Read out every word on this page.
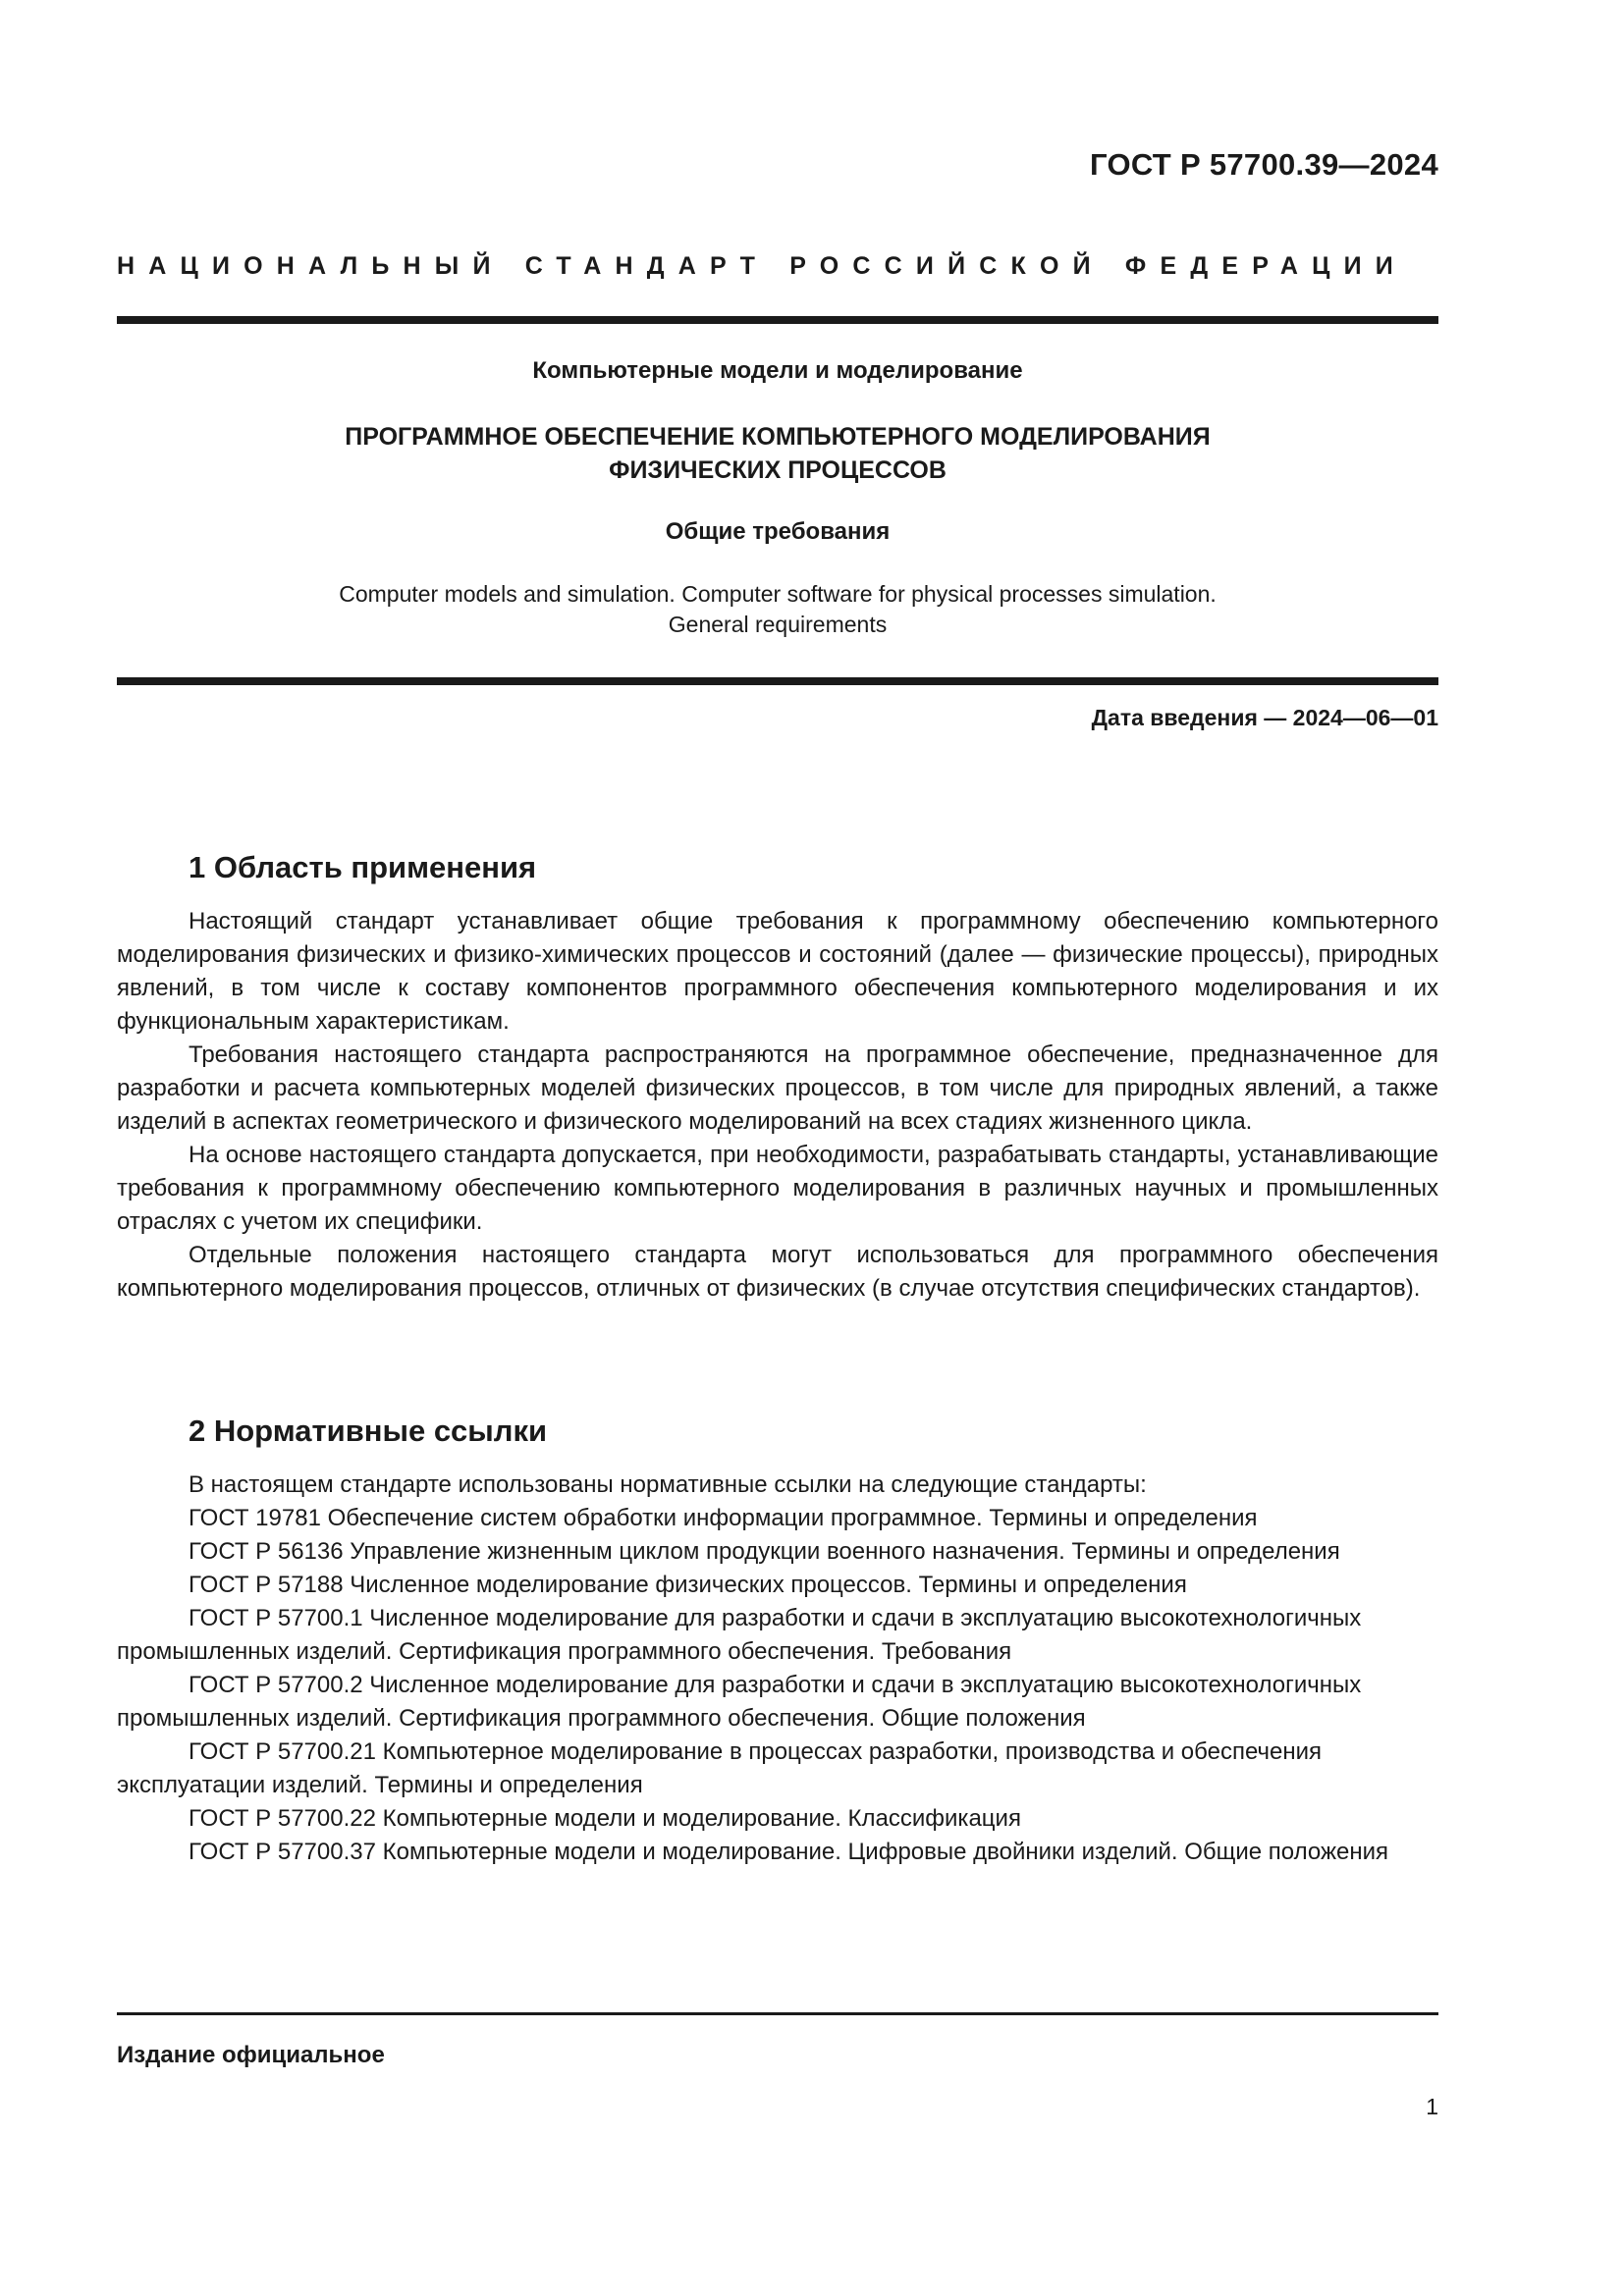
ГОСТ Р 57700.39—2024
НАЦИОНАЛЬНЫЙ СТАНДАРТ РОССИЙСКОЙ ФЕДЕРАЦИИ
Компьютерные модели и моделирование
ПРОГРАММНОЕ ОБЕСПЕЧЕНИЕ КОМПЬЮТЕРНОГО МОДЕЛИРОВАНИЯ
ФИЗИЧЕСКИХ ПРОЦЕССОВ
Общие требования
Computer models and simulation. Computer software for physical processes simulation.
General requirements
Дата введения — 2024—06—01
1 Область применения

Настоящий стандарт устанавливает общие требования к программному обеспечению компьютерного моделирования физических и физико-химических процессов и состояний (далее — физические процессы), природных явлений, в том числе к составу компонентов программного обеспечения компьютерного моделирования и их функциональным характеристикам.

Требования настоящего стандарта распространяются на программное обеспечение, предназначенное для разработки и расчета компьютерных моделей физических процессов, в том числе для природных явлений, а также изделий в аспектах геометрического и физического моделирований на всех стадиях жизненного цикла.

На основе настоящего стандарта допускается, при необходимости, разрабатывать стандарты, устанавливающие требования к программному обеспечению компьютерного моделирования в различных научных и промышленных отраслях с учетом их специфики.

Отдельные положения настоящего стандарта могут использоваться для программного обеспечения компьютерного моделирования процессов, отличных от физических (в случае отсутствия специфических стандартов).

2 Нормативные ссылки

В настоящем стандарте использованы нормативные ссылки на следующие стандарты:

ГОСТ 19781 Обеспечение систем обработки информации программное. Термины и определения

ГОСТ Р 56136 Управление жизненным циклом продукции военного назначения. Термины и определения

ГОСТ Р 57188 Численное моделирование физических процессов. Термины и определения

ГОСТ Р 57700.1 Численное моделирование для разработки и сдачи в эксплуатацию высокотехнологичных промышленных изделий. Сертификация программного обеспечения. Требования

ГОСТ Р 57700.2 Численное моделирование для разработки и сдачи в эксплуатацию высокотехнологичных промышленных изделий. Сертификация программного обеспечения. Общие положения

ГОСТ Р 57700.21 Компьютерное моделирование в процессах разработки, производства и обеспечения эксплуатации изделий. Термины и определения

ГОСТ Р 57700.22 Компьютерные модели и моделирование. Классификация

ГОСТ Р 57700.37 Компьютерные модели и моделирование. Цифровые двойники изделий. Общие положения

Издание официальное
1
